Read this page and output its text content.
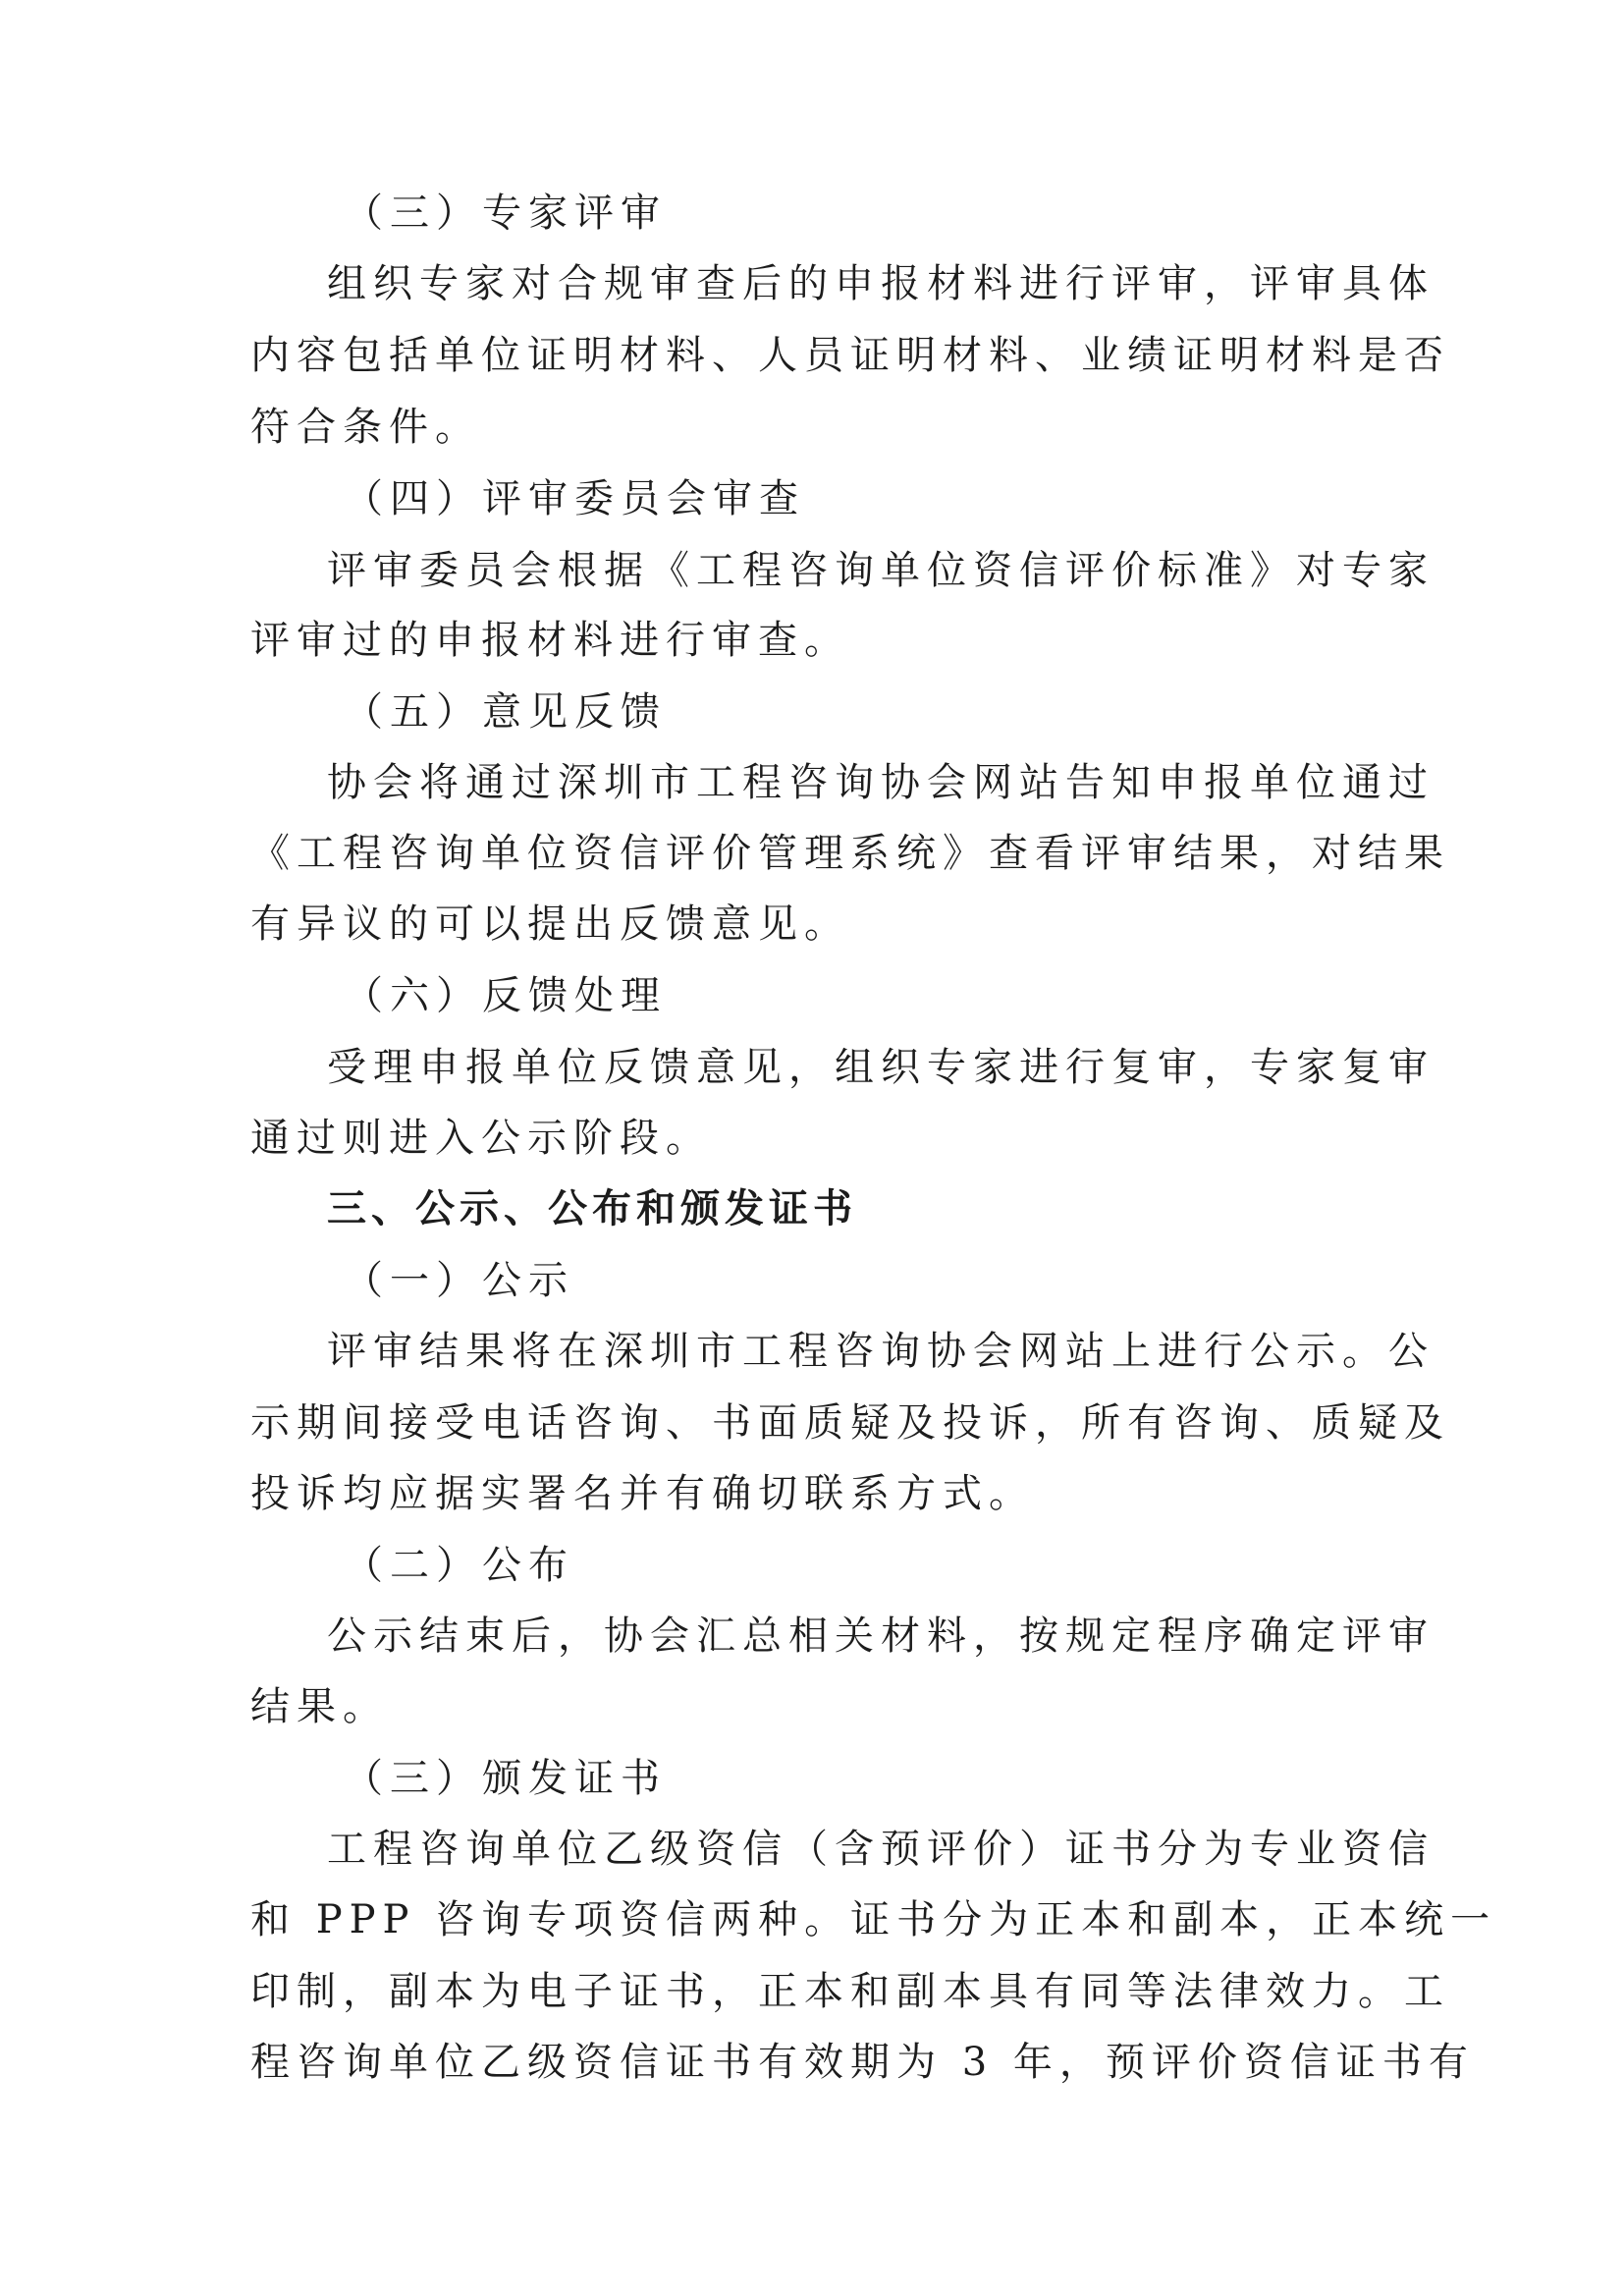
（三）专家评审
组织专家对合规审查后的申报材料进行评审，评审具体
内容包括单位证明材料、人员证明材料、业绩证明材料是否
符合条件。
（四）评审委员会审查
评审委员会根据《工程咨询单位资信评价标准》对专家
评审过的申报材料进行审查。
（五）意见反馈
协会将通过深圳市工程咨询协会网站告知申报单位通过
《工程咨询单位资信评价管理系统》查看评审结果，对结果
有异议的可以提出反馈意见。
（六）反馈处理
受理申报单位反馈意见，组织专家进行复审，专家复审
通过则进入公示阶段。
三、公示、公布和颁发证书
（一）公示
评审结果将在深圳市工程咨询协会网站上进行公示。公
示期间接受电话咨询、书面质疑及投诉，所有咨询、质疑及
投诉均应据实署名并有确切联系方式。
（二）公布
公示结束后，协会汇总相关材料，按规定程序确定评审
结果。
（三）颁发证书
工程咨询单位乙级资信（含预评价）证书分为专业资信
和 PPP 咨询专项资信两种。证书分为正本和副本，正本统一
印制，副本为电子证书，正本和副本具有同等法律效力。工
程咨询单位乙级资信证书有效期为 3 年，预评价资信证书有
